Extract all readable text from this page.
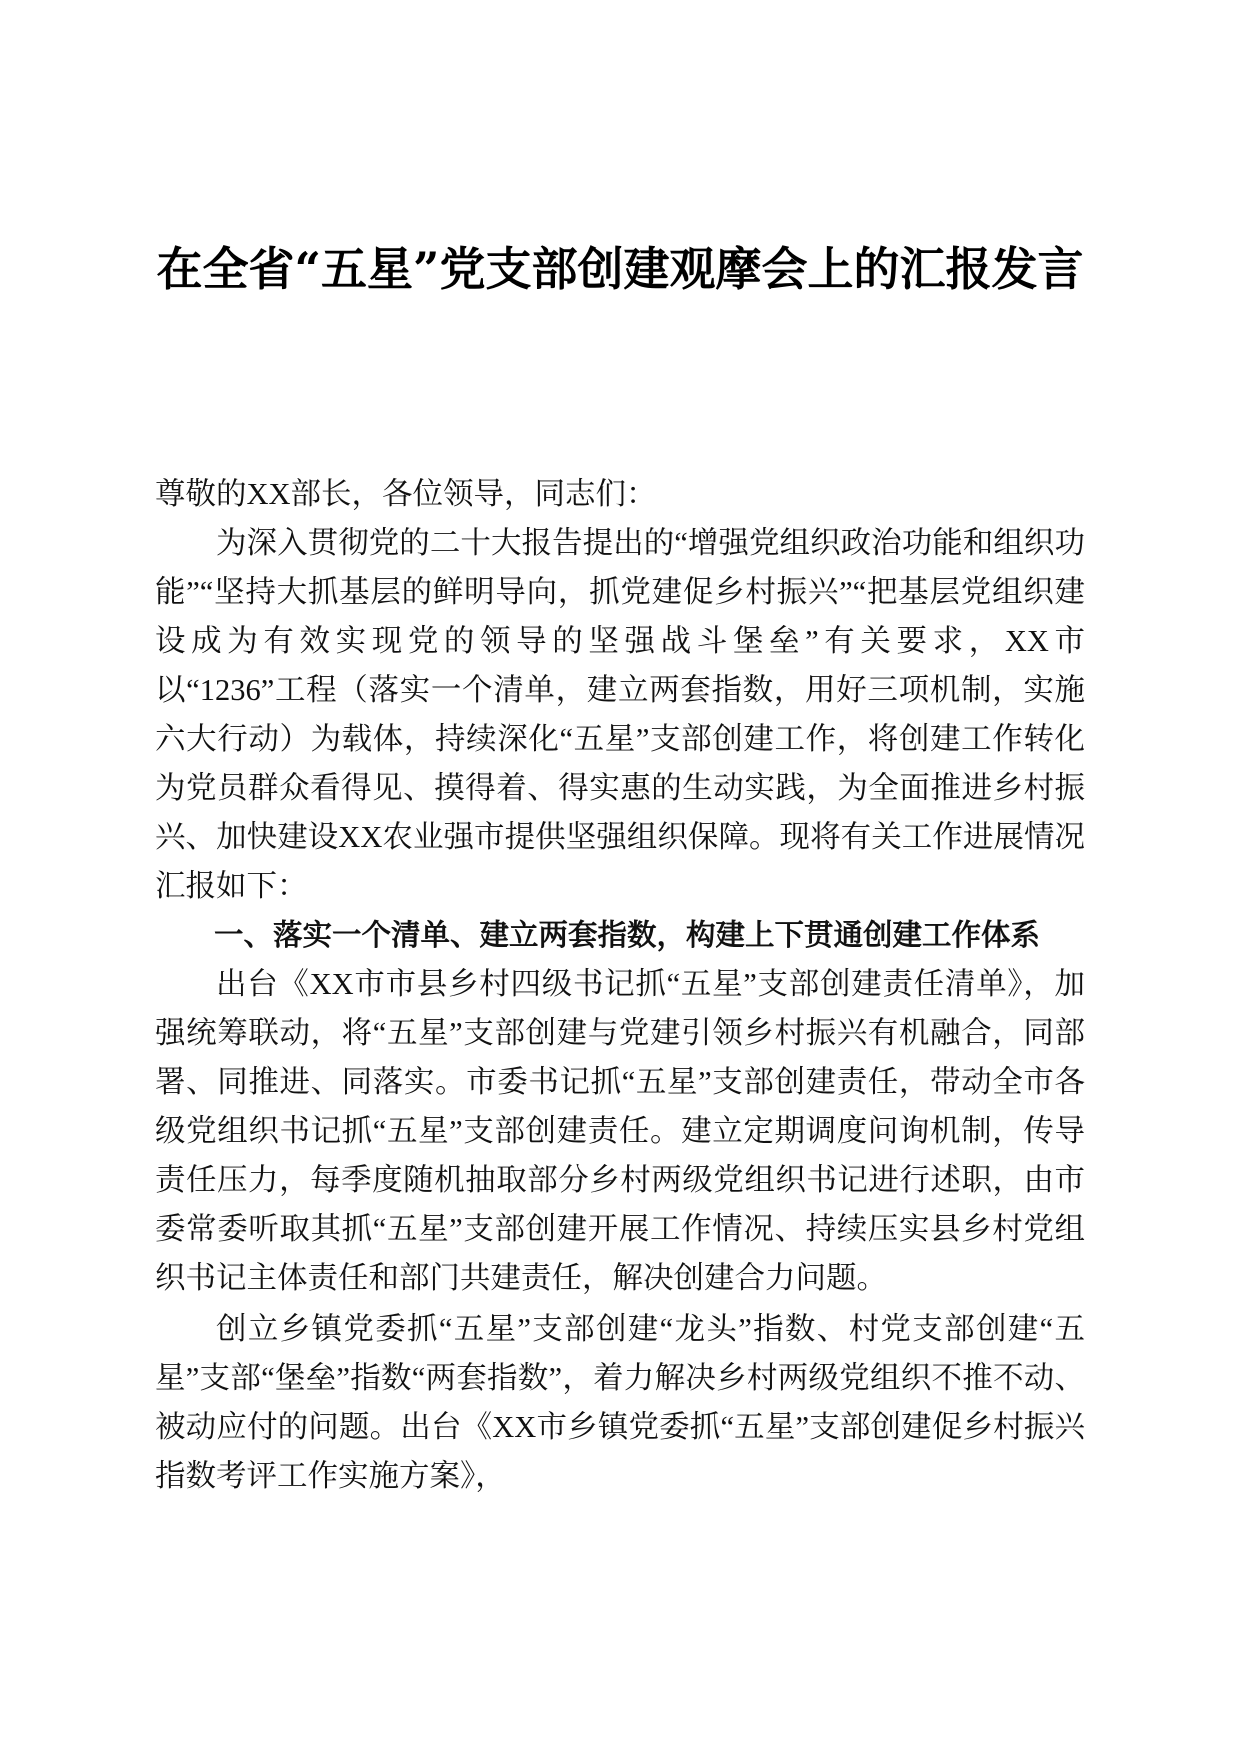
在全省“五星”党支部创建观摩会上的汇报发言

尊敬的XX部长，各位领导，同志们：

为深入贯彻党的二十大报告提出的“增强党组织政治功能和组织功能”“坚持大抓基层的鲜明导向，抓党建促乡村振兴”“把基层党组织建设成为有效实现党的领导的坚强战斗堡垒”有关要求，XX市以“1236”工程（落实一个清单，建立两套指数，用好三项机制，实施六大行动）为载体，持续深化“五星”支部创建工作，将创建工作转化为党员群众看得见、摸得着、得实惠的生动实践，为全面推进乡村振兴、加快建设XX农业强市提供坚强组织保障。现将有关工作进展情况汇报如下：

一、落实一个清单、建立两套指数，构建上下贯通创建工作体系

出台《XX市市县乡村四级书记抓“五星”支部创建责任清单》，加强统筹联动，将“五星”支部创建与党建引领乡村振兴有机融合，同部署、同推进、同落实。市委书记抓“五星”支部创建责任，带动全市各级党组织书记抓“五星”支部创建责任。建立定期调度问询机制，传导责任压力，每季度随机抽取部分乡村两级党组织书记进行述职，由市委常委听取其抓“五星”支部创建开展工作情况、持续压实县乡村党组织书记主体责任和部门共建责任，解决创建合力问题。

创立乡镇党委抓“五星”支部创建“龙头”指数、村党支部创建“五星”支部“堡垒”指数“两套指数”，着力解决乡村两级党组织不推不动、被动应付的问题。出台《XX市乡镇党委抓“五星”支部创建促乡村振兴指数考评工作实施方案》，
